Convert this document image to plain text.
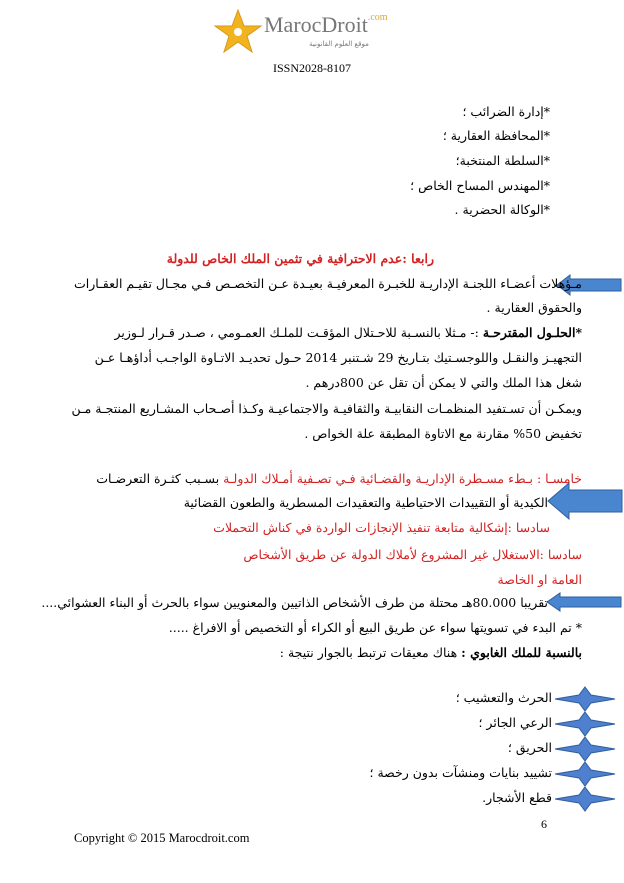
MarocDroit$^{.com}$
موقع العلوم القانونية
ISSN2028-8107
*إدارة الضرائب ؛
*المحافظة العقارية ؛
*السلطة المنتخبة؛
*المهندس المساح الخاص ؛
*الوكالة الحضرية .
رابعا :عدم الاحترافية في تثمين الملك الخاص للدولة
مـؤهلات أعضـاء اللجنـة الإداريـة للخبـرة المعرفيـة بعيـدة عـن التخصـص فـي مجـال تقيـم العقـارات
والحقوق العقارية .
*الحلـول المقترحـة :- مـثلا بالنسـبة للاحـتلال المؤقـت للملـك العمـومي ، صـدر قـرار لـوزير
التجهيـز والنقـل واللوجسـتيك بتـاريخ 29 شـتنبر 2014 حـول تحديـد الاتـاوة الواجـب أداؤهـا عـن
شغل هذا الملك والتي لا يمكن أن تقل عن 800درهم .
ويمكـن أن تسـتفيد المنظمـات النقابيـة والثقافيـة والاجتماعيـة وكـذا أصـحاب المشـاريع المنتجـة مـن
تخفيض 50% مقارنة مع الاتاوة المطبقة علة الخواص .
خامسـا : بـطء مسـطرة الإداريـة والقضـائية فـي تصـفية أمـلاك الدولـة بسـبب كثـرة التعرضـات
الكيدية أو التقييدات الاحتياطية والتعقيدات المسطرية والطعون القضائية
سادسا :إشكالية متابعة تنفيذ الإنجازات الواردة في كناش التحملات
سادسا :الاستغلال غير المشروع لأملاك الدولة عن طريق الأشخاص
العامة او الخاصة
تقريبا 80.000هـ محتلة من طرف الأشخاص الذاتيين والمعنويين سواء بالحرث أو البناء العشوائي....
* تم البدء في تسويتها سواء عن طريق البيع أو الكراء أو التخصيص أو الافراغ .....
بالنسبة للملك الغابوي : هناك معيقات ترتبط بالجوار نتيجة :
الحرث والتعشيب ؛
الرعي الجائر ؛
الحريق ؛
تشييد بنايات ومنشآت بدون رخصة ؛
قطع الأشجار.
6
Copyright © 2015 Marocdroit.com
